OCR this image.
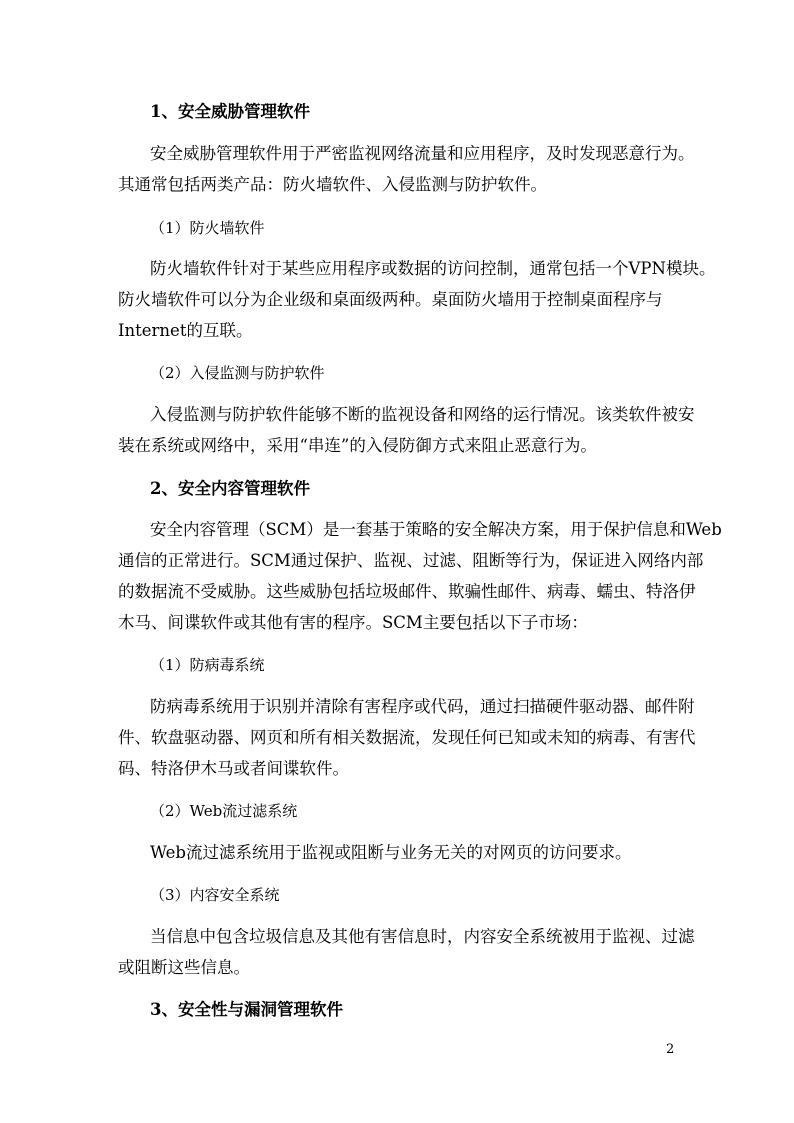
1、安全威胁管理软件
安全威胁管理软件用于严密监视网络流量和应用程序，及时发现恶意行为。
其通常包括两类产品：防火墙软件、入侵监测与防护软件。
（1）防火墙软件
防火墙软件针对于某些应用程序或数据的访问控制，通常包括一个VPN模块。
防火墙软件可以分为企业级和桌面级两种。桌面防火墙用于控制桌面程序与
Internet的互联。
（2）入侵监测与防护软件
入侵监测与防护软件能够不断的监视设备和网络的运行情况。该类软件被安
装在系统或网络中，采用“串连”的入侵防御方式来阻止恶意行为。
2、安全内容管理软件
安全内容管理（SCM）是一套基于策略的安全解决方案，用于保护信息和Web
通信的正常进行。SCM通过保护、监视、过滤、阻断等行为，保证进入网络内部
的数据流不受威胁。这些威胁包括垃圾邮件、欺骗性邮件、病毒、蠕虫、特洛伊
木马、间谍软件或其他有害的程序。SCM主要包括以下子市场：
（1）防病毒系统
防病毒系统用于识别并清除有害程序或代码，通过扫描硬件驱动器、邮件附
件、软盘驱动器、网页和所有相关数据流，发现任何已知或未知的病毒、有害代
码、特洛伊木马或者间谍软件。
（2）Web流过滤系统
Web流过滤系统用于监视或阻断与业务无关的对网页的访问要求。
（3）内容安全系统
当信息中包含垃圾信息及其他有害信息时，内容安全系统被用于监视、过滤
或阻断这些信息。
3、安全性与漏洞管理软件
2
